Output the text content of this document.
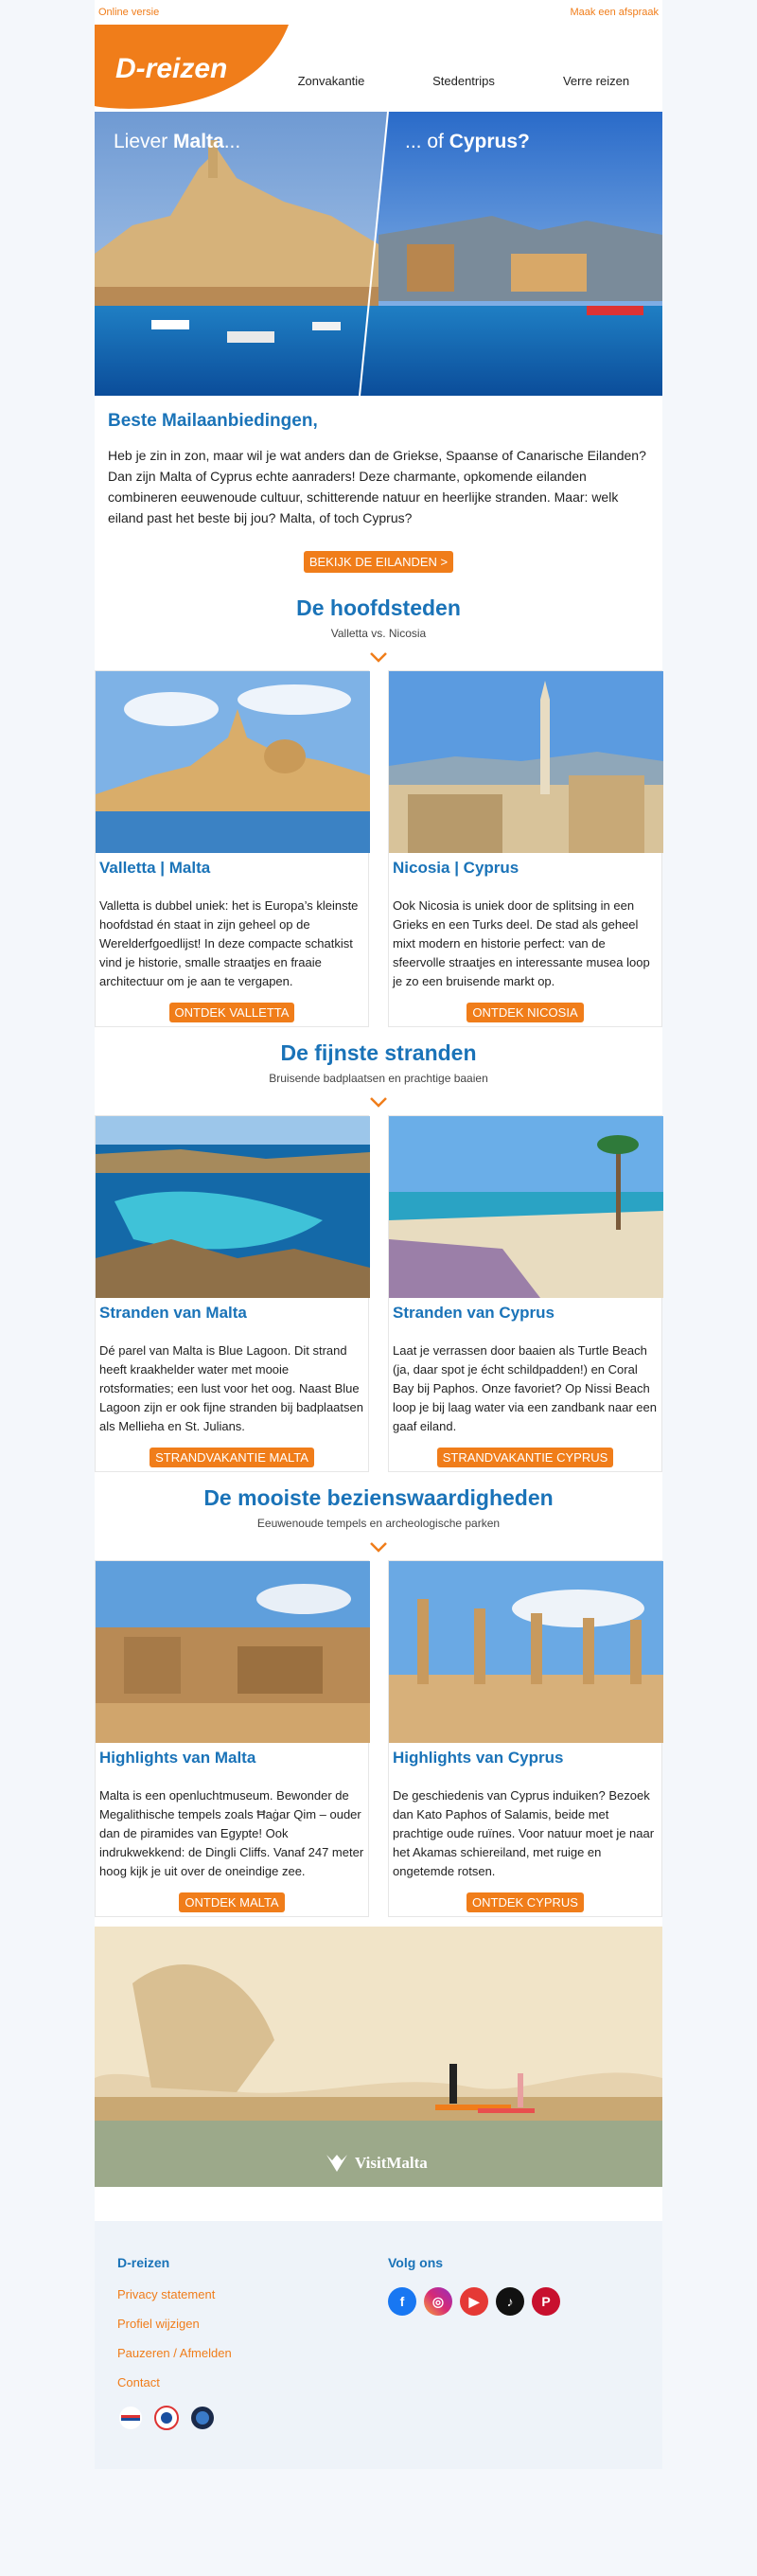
Online versie	Maak een afspraak
D-reizen	Zonvakantie	Stedentrips	Verre reizen
Liever Malta...	... of Cyprus?
Beste Mailaanbiedingen,

Heb je zin in zon, maar wil je wat anders dan de Griekse, Spaanse of Canarische Eilanden? Dan zijn Malta of Cyprus echte aanraders! Deze charmante, opkomende eilanden combineren eeuwenoude cultuur, schitterende natuur en heerlijke stranden. Maar: welk eiland past het beste bij jou? Malta, of toch Cyprus?

BEKIJK DE EILANDEN >
De hoofdsteden

Valletta vs. Nicosia

Valletta | Malta

Valletta is dubbel uniek: het is Europa’s kleinste hoofdstad én staat in zijn geheel op de Werelderfgoedlijst! In deze compacte schatkist vind je historie, smalle straatjes en fraaie architectuur om je aan te vergapen.

ONTDEK VALLETTA
Nicosia | Cyprus

Ook Nicosia is uniek door de splitsing in een Grieks en een Turks deel. De stad als geheel mixt modern en historie perfect: van de sfeervolle straatjes en interessante musea loop je zo een bruisende markt op.

ONTDEK NICOSIA
De fijnste stranden

Bruisende badplaatsen en prachtige baaien

Stranden van Malta

Dé parel van Malta is Blue Lagoon. Dit strand heeft kraakhelder water met mooie rotsformaties; een lust voor het oog. Naast Blue Lagoon zijn er ook fijne stranden bij badplaatsen als Mellieha en St. Julians.

STRANDVAKANTIE MALTA
Stranden van Cyprus

Laat je verrassen door baaien als Turtle Beach (ja, daar spot je écht schildpadden!) en Coral Bay bij Paphos. Onze favoriet? Op Nissi Beach loop je bij laag water via een zandbank naar een gaaf eiland.

STRANDVAKANTIE CYPRUS
De mooiste bezienswaardigheden

Eeuwenoude tempels en archeologische parken

Highlights van Malta

Malta is een openluchtmuseum. Bewonder de Megalithische tempels zoals Ħaġar Qim – ouder dan de piramides van Egypte! Ook indrukwekkend: de Dingli Cliffs. Vanaf 247 meter hoog kijk je uit over de oneindige zee.

ONTDEK MALTA
Highlights van Cyprus

De geschiedenis van Cyprus induiken? Bezoek dan Kato Paphos of Salamis, beide met prachtige oude ruïnes. Voor natuur moet je naar het Akamas schiereiland, met ruige en ongetemde rotsen.

ONTDEK CYPRUS
VisitMalta
D-reizen
Privacy statement
Profiel wijzigen
Pauzeren / Afmelden
Contact
Volg ons
f	◎	▶	♪	P
